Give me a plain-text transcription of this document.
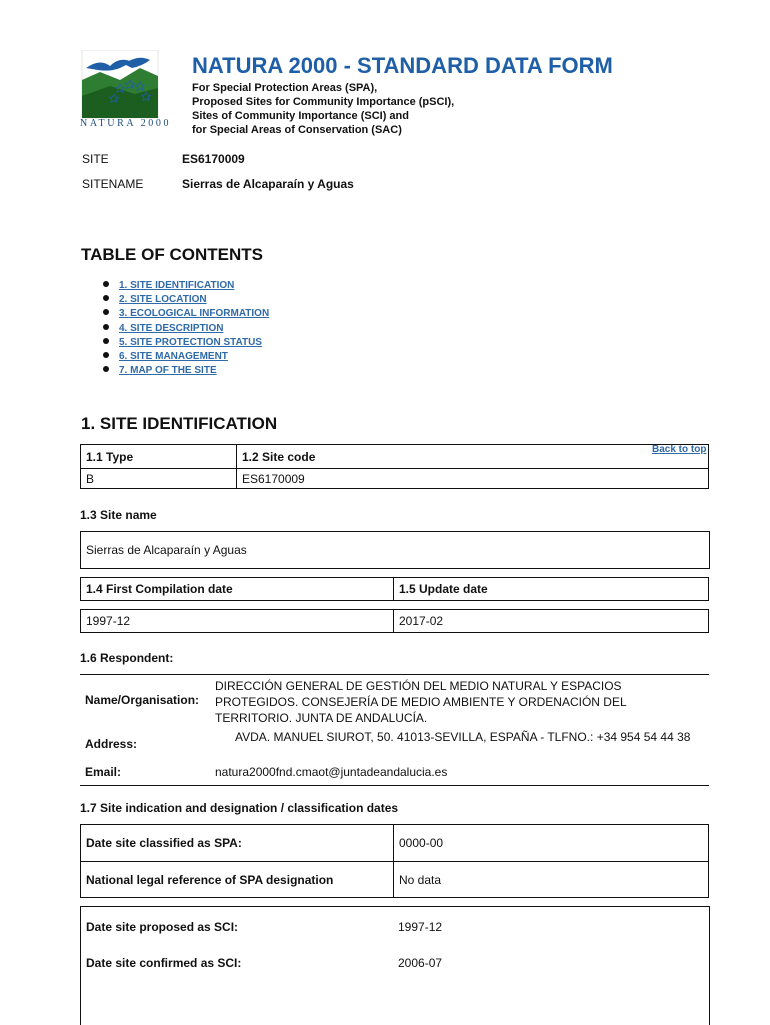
NATURA 2000
NATURA 2000 - STANDARD DATA FORM
For Special Protection Areas (SPA),
Proposed Sites for Community Importance (pSCI),
Sites of Community Importance (SCI) and
for Special Areas of Conservation (SAC)
SITE	ES6170009
SITENAME	Sierras de Alcaparaín y Aguas
TABLE OF CONTENTS
1. SITE IDENTIFICATION
2. SITE LOCATION
3. ECOLOGICAL INFORMATION
4. SITE DESCRIPTION
5. SITE PROTECTION STATUS
6. SITE MANAGEMENT
7. MAP OF THE SITE
1. SITE IDENTIFICATION
Back to top
1.1 Type	1.2 Site code
B	ES6170009
1.3 Site name
Sierras de Alcaparaín y Aguas
1.4 First Compilation date	1.5 Update date
1997-12	2017-02
1.6 Respondent:
Name/Organisation:
DIRECCIÓN GENERAL DE GESTIÓN DEL MEDIO NATURAL Y ESPACIOS PROTEGIDOS. CONSEJERÍA DE MEDIO AMBIENTE Y ORDENACIÓN DEL TERRITORIO. JUNTA DE ANDALUCÍA.
Address:	AVDA. MANUEL SIUROT, 50. 41013-SEVILLA, ESPAÑA - TLFNO.: +34 954 54 44 38
Email:	natura2000fnd.cmaot@juntadeandalucia.es
1.7 Site indication and designation / classification dates
Date site classified as SPA:	0000-00
National legal reference of SPA designation	No data
Date site proposed as SCI:	1997-12
Date site confirmed as SCI:	2006-07
